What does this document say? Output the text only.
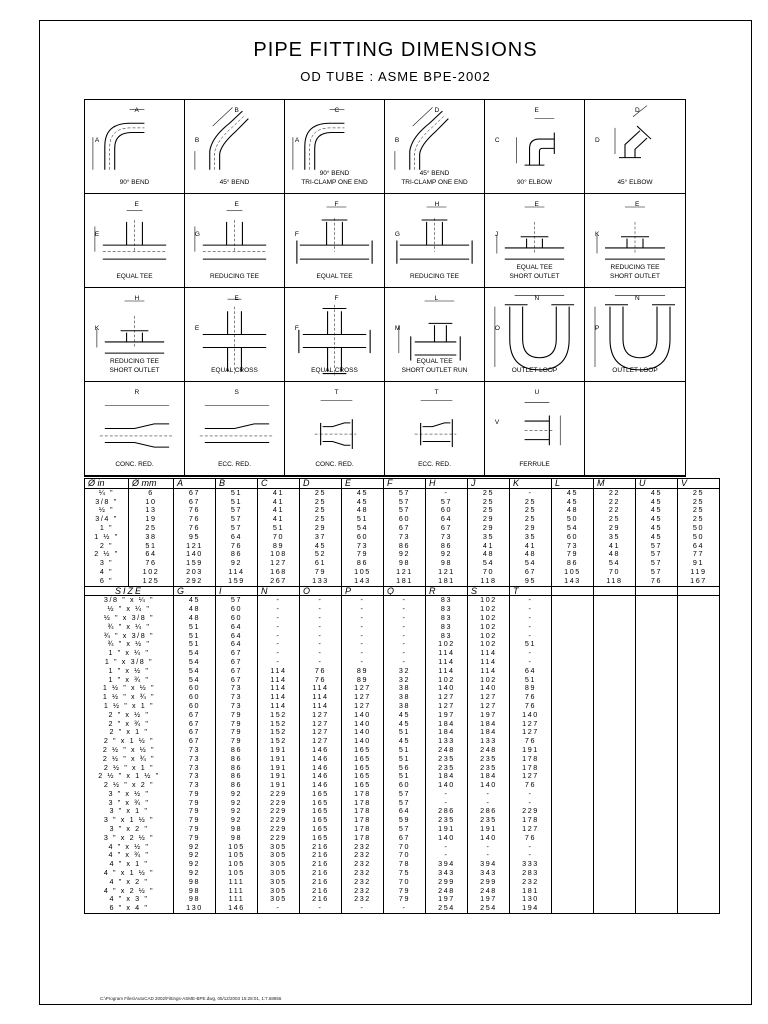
PIPE FITTING DIMENSIONS
OD TUBE : ASME BPE-2002
A
A
90° BEND
B
B
45° BEND
C
A
90° BEND
TRI-CLAMP ONE END
D
B
45° BEND
TRI-CLAMP ONE END
E
C
90° ELBOW
D
D
45° ELBOW
E
E
EQUAL TEE
E
G
REDUCING TEE
F
F
EQUAL TEE
H
G
REDUCING TEE
E
J
EQUAL TEE
SHORT OUTLET
E
K
REDUCING TEE
SHORT OUTLET
H
K
REDUCING TEE
SHORT OUTLET
E
E
EQUAL CROSS
F
F
EQUAL CROSS
L
M
EQUAL TEE
SHORT OUTLET RUN
N
O
OUTLET LOOP
N
P
OUTLET LOOP
R
CONC. RED.
S
ECC. RED.
T
CONC. RED.
T
ECC. RED.
U
V
FERRULE
Ø in	Ø mm	A	B	C	D	E	F	H	J	K	L	M	U	V	
¼ "	6	67	51	41	25	45	57	-	25	-	45	22	45	25	
3/8 "	10	67	51	41	25	45	57	57	25	25	45	22	45	25	
½ "	13	76	57	41	25	48	57	60	25	25	48	22	45	25	
3/4 "	19	76	57	41	25	51	60	64	29	25	50	25	45	25	
1 "	25	76	57	51	29	54	67	67	29	29	54	29	45	50	
1 ½ "	38	95	64	70	37	60	73	73	35	35	60	35	45	50	
2 "	51	121	76	89	45	73	86	86	41	41	73	41	57	64	
2 ½ "	64	140	86	108	52	79	92	92	48	48	79	48	57	77	
3 "	76	159	92	127	61	86	98	98	54	54	86	54	57	91	
4 "	102	203	114	168	79	105	121	121	70	67	105	70	57	119	
6 "	125	292	159	267	133	143	181	181	118	95	143	118	76	167	
SIZE		G	I	N	O	P	Q	R	S	T					
3/8 " x ¼ "		45	57	-	-	-	-	83	102	-					
½ " x ¼ "		48	60	-	-	-	-	83	102	-					
½ " x 3/8 "		48	60	-	-	-	-	83	102	-					
¾ " x ¼ "		51	64	-	-	-	-	83	102	-					
¾ " x 3/8 "		51	64	-	-	-	-	83	102	-					
¾ " x ½ "		51	64	-	-	-	-	102	102	51					
1 " x ¼ "		54	67	-	-	-	-	114	114	-					
1 " x 3/8 "		54	67	-	-	-	-	114	114	-					
1 " x ½ "		54	67	114	76	89	32	114	114	64					
1 " x ¾ "		54	67	114	76	89	32	102	102	51					
1 ½ " x ½ "		60	73	114	114	127	38	140	140	89					
1 ½ " x ¾ "		60	73	114	114	127	38	127	127	76					
1 ½ " x 1 "		60	73	114	114	127	38	127	127	76					
2 " x ½ "		67	79	152	127	140	45	197	197	140					
2 " x ¾ "		67	79	152	127	140	45	184	184	127					
2 " x 1 "		67	79	152	127	140	51	184	184	127					
2 " x 1 ½ "		67	79	152	127	140	45	133	133	76					
2 ½ " x ½ "		73	86	191	146	165	51	248	248	191					
2 ½ " x ¾ "		73	86	191	146	165	51	235	235	178					
2 ½ " x 1 "		73	86	191	146	165	56	235	235	178					
2 ½ " x 1 ½ "		73	86	191	146	165	51	184	184	127					
2 ½ " x 2 "		73	86	191	146	165	60	140	140	76					
3 " x ½ "		79	92	229	165	178	57	-	-	-					
3 " x ¾ "		79	92	229	165	178	57	-	-	-					
3 " x 1 "		79	92	229	165	178	64	286	286	229					
3 " x 1 ½ "		79	92	229	165	178	59	235	235	178					
3 " x 2 "		79	98	229	165	178	57	191	191	127					
3 " x 2 ½ "		79	98	229	165	178	67	140	140	76					
4 " x ½ "		92	105	305	216	232	70	-	-	-					
4 " x ¾ "		92	105	305	216	232	70	-	-	-					
4 " x 1 "		92	105	305	216	232	78	394	394	333					
4 " x 1 ½ "		92	105	305	216	232	75	343	343	283					
4 " x 2 "		98	111	305	216	232	70	299	299	232					
4 " x 2 ½ "		98	111	305	216	232	79	248	248	181					
4 " x 3 "		98	111	305	216	232	79	197	197	130					
6 " x 4 "		130	146	-	-	-	-	254	254	194					
C:\Program Files\AutoCAD 2002\Fittings-ASME-BPE.dwg, 05/12/2003 15:28:01, 1:7.68856
